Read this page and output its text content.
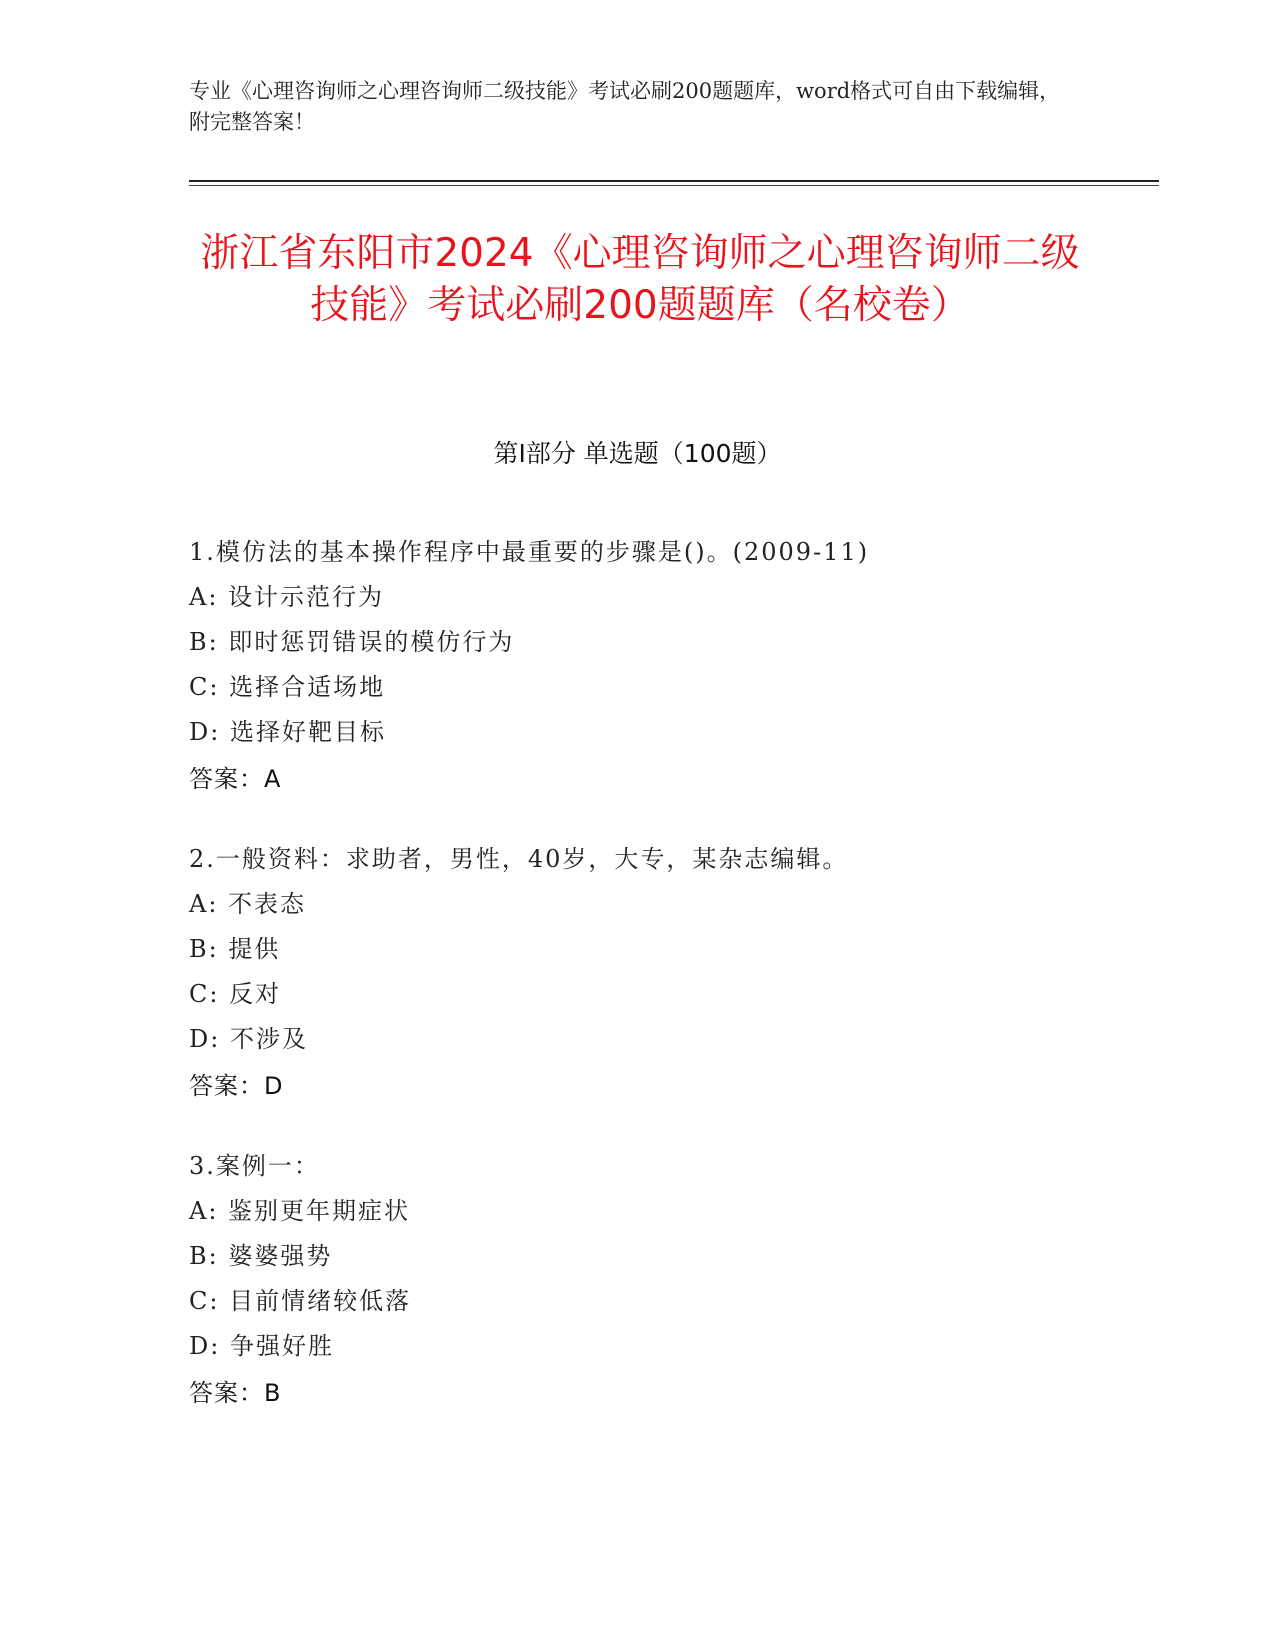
专业《心理咨询师之心理咨询师二级技能》考试必刷200题题库，word格式可自由下载编辑，附完整答案！
浙江省东阳市2024《心理咨询师之心理咨询师二级技能》考试必刷200题题库（名校卷）
第I部分 单选题（100题）
1.模仿法的基本操作程序中最重要的步骤是()。(2009-11)
A: 设计示范行为
B: 即时惩罚错误的模仿行为
C: 选择合适场地
D: 选择好靶目标
答案：A
2.一般资料：求助者，男性，40岁，大专，某杂志编辑。
A: 不表态
B: 提供
C: 反对
D: 不涉及
答案：D
3.案例一：
A: 鉴别更年期症状
B: 婆婆强势
C: 目前情绪较低落
D: 争强好胜
答案：B
